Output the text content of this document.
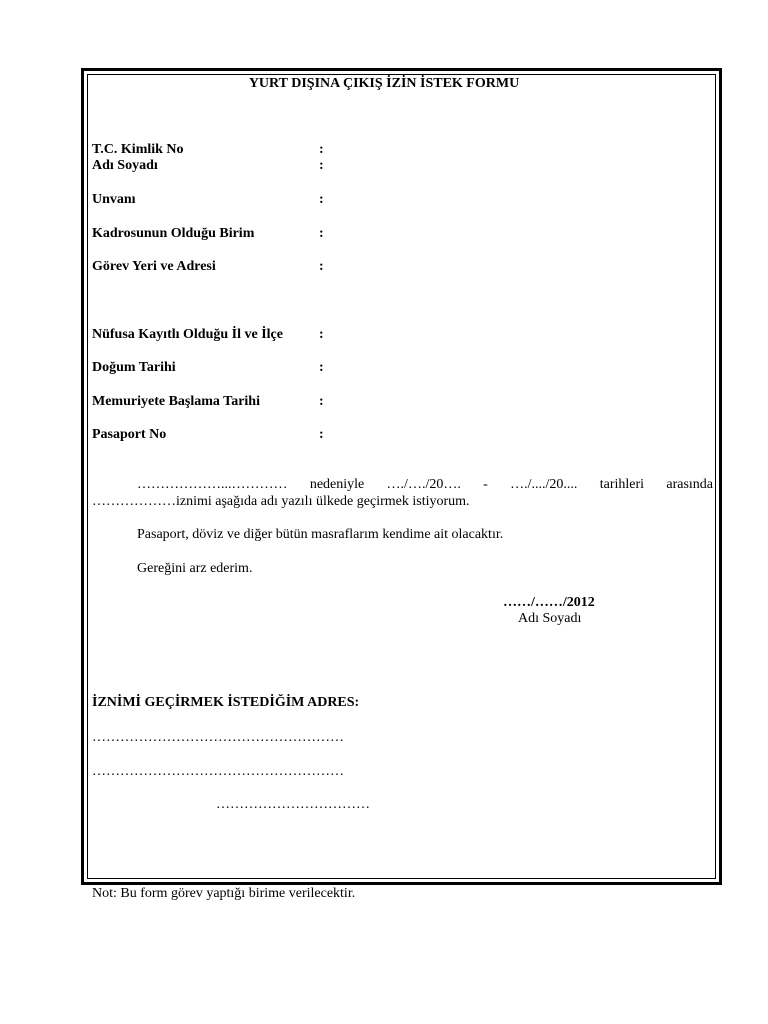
YURT DIŞINA ÇIKIŞ İZİN İSTEK FORMU
T.C. Kimlik No	:
Adı Soyadı	:
Unvanı	:
Kadrosunun Olduğu Birim	:
Görev Yeri ve Adresi	:
Nüfusa Kayıtlı Olduğu İl ve İlçe	:
Doğum Tarihi	:
Memuriyete Başlama Tarihi	:
Pasaport No	:
………………...………… nedeniyle …./…./20…. - …./..../20.... tarihleri arasında
………………iznimi aşağıda adı yazılı ülkede geçirmek istiyorum.
Pasaport, döviz ve diğer bütün masraflarım kendime ait olacaktır.
Gereğini arz ederim.
……/……/2012
Adı Soyadı
İZNİMİ GEÇİRMEK İSTEDİĞİM ADRES:
………………………………………………
………………………………………………
……………………………
Not: Bu form görev yaptığı birime verilecektir.
